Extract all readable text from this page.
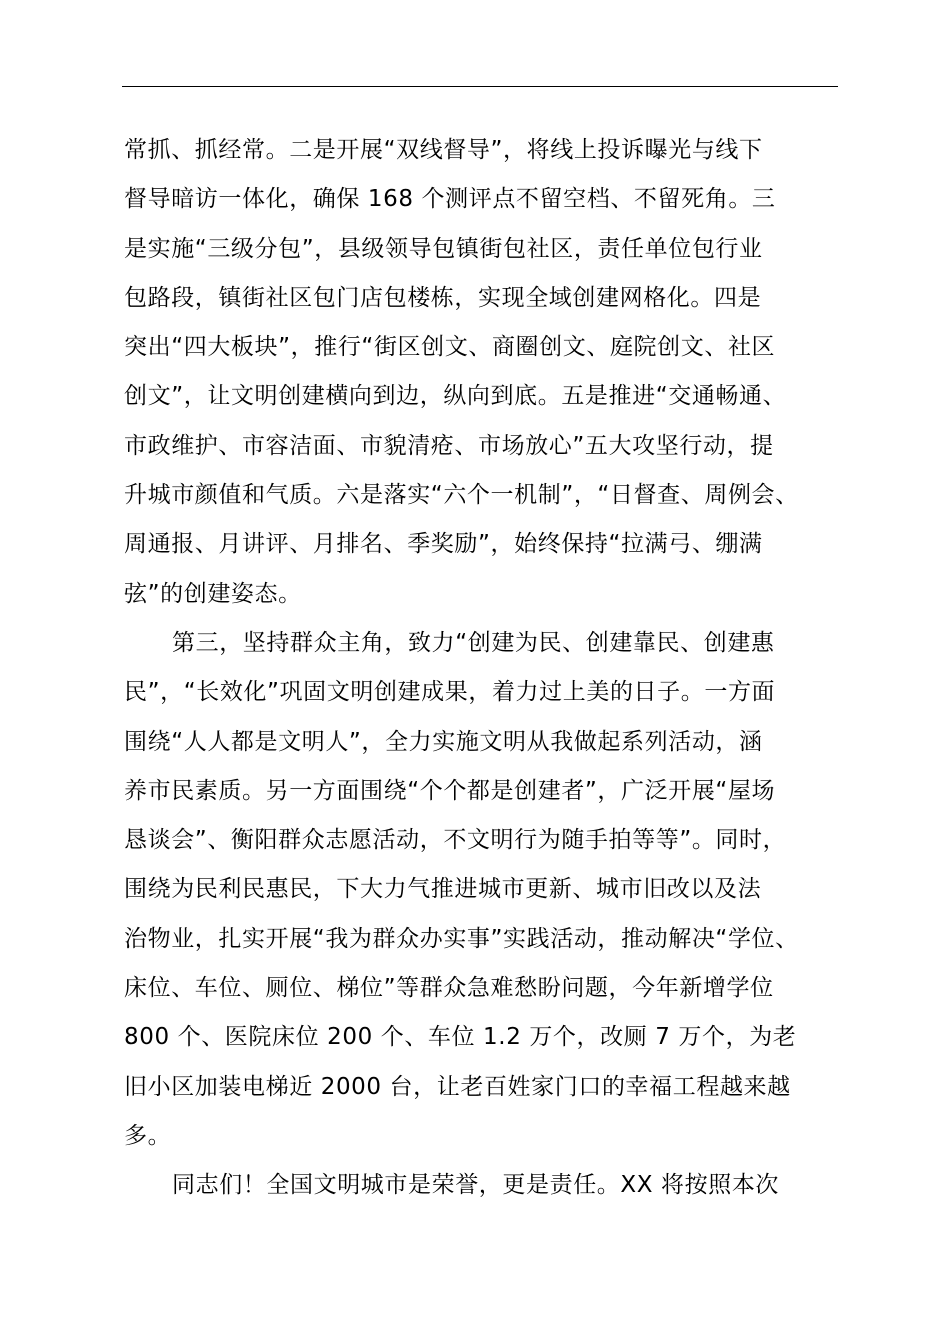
常抓、抓经常。二是开展“双线督导”，将线上投诉曝光与线下
督导暗访一体化，确保 168 个测评点不留空档、不留死角。三
是实施“三级分包”，县级领导包镇街包社区，责任单位包行业
包路段，镇街社区包门店包楼栋，实现全域创建网格化。四是
突出“四大板块”，推行“街区创文、商圈创文、庭院创文、社区
创文”，让文明创建横向到边，纵向到底。五是推进“交通畅通、
市政维护、市容洁面、市貌清疮、市场放心”五大攻坚行动，提
升城市颜值和气质。六是落实“六个一机制”，“日督查、周例会、
周通报、月讲评、月排名、季奖励”，始终保持“拉满弓、绷满
弦”的创建姿态。
第三，坚持群众主角，致力“创建为民、创建靠民、创建惠
民”，“长效化”巩固文明创建成果，着力过上美的日子。一方面
围绕“人人都是文明人”，全力实施文明从我做起系列活动，涵
养市民素质。另一方面围绕“个个都是创建者”，广泛开展“屋场
恳谈会”、衡阳群众志愿活动，不文明行为随手拍等等”。同时，
围绕为民利民惠民，下大力气推进城市更新、城市旧改以及法
治物业，扎实开展“我为群众办实事”实践活动，推动解决“学位、
床位、车位、厕位、梯位”等群众急难愁盼问题，今年新增学位
800 个、医院床位 200 个、车位 1.2 万个，改厕 7 万个，为老
旧小区加装电梯近 2000 台，让老百姓家门口的幸福工程越来越
多。
同志们！全国文明城市是荣誉，更是责任。XX 将按照本次
